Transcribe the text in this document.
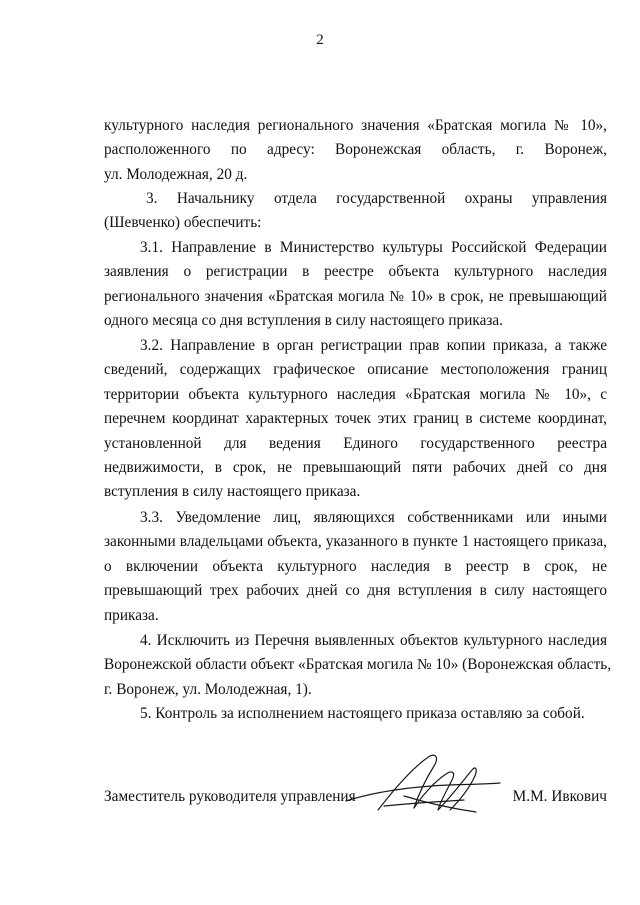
2
культурного наследия регионального значения «Братская могила № 10»,
расположенного по адресу: Воронежская область, г. Воронеж,
ул. Молодежная, 20 д.
3. Начальнику отдела государственной охраны управления
(Шевченко) обеспечить:
3.1. Направление в Министерство культуры Российской Федерации
заявления о регистрации в реестре объекта культурного наследия
регионального значения «Братская могила № 10» в срок, не превышающий
одного месяца со дня вступления в силу настоящего приказа.
3.2. Направление в орган регистрации прав копии приказа, а также
сведений, содержащих графическое описание местоположения границ
территории объекта культурного наследия «Братская могила № 10», с
перечнем координат характерных точек этих границ в системе координат,
установленной для ведения Единого государственного реестра
недвижимости, в срок, не превышающий пяти рабочих дней со дня
вступления в силу настоящего приказа.
3.3. Уведомление лиц, являющихся собственниками или иными
законными владельцами объекта, указанного в пункте 1 настоящего приказа,
о включении объекта культурного наследия в реестр в срок, не
превышающий трех рабочих дней со дня вступления в силу настоящего
приказа.
4. Исключить из Перечня выявленных объектов культурного наследия
Воронежской области объект «Братская могила № 10» (Воронежская область,
г. Воронеж, ул. Молодежная, 1).
5. Контроль за исполнением настоящего приказа оставляю за собой.
Заместитель руководителя управления	М.М. Ивкович
